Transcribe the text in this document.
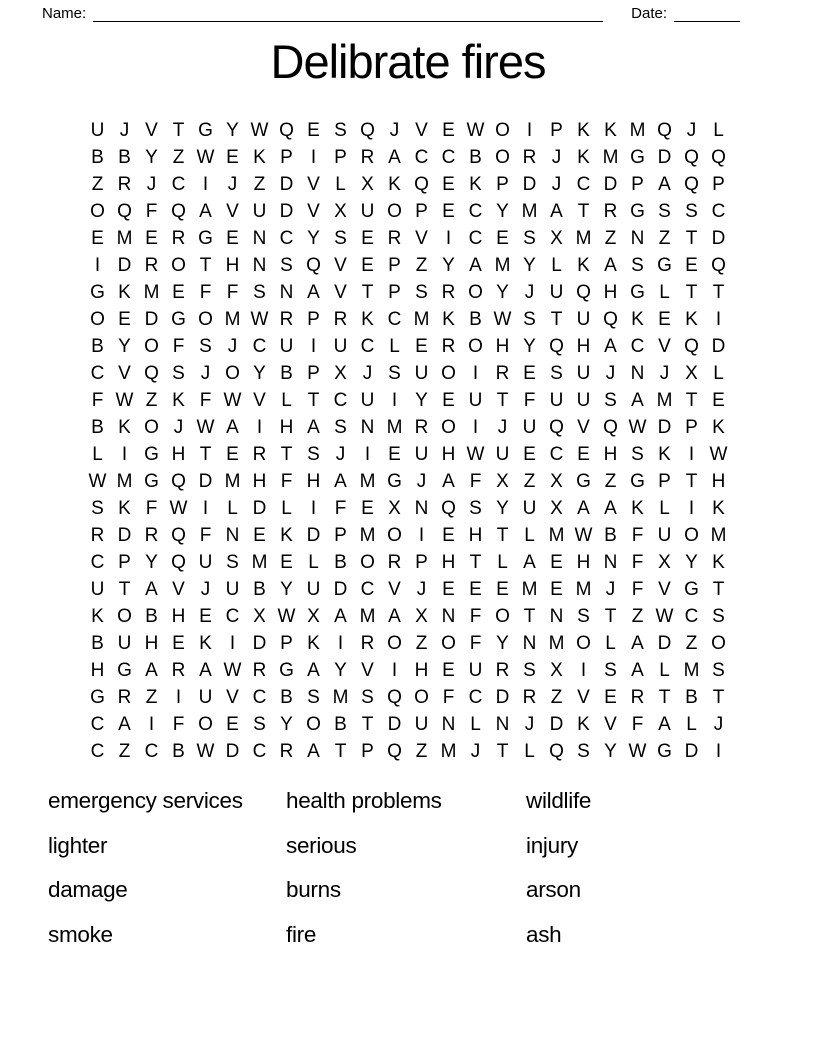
Name:	Date:
Delibrate fires
U J V T G Y W Q E S Q J V E W O I P K K M Q J L
B B Y Z W E K P I P R A C C B O R J K M G D Q Q
Z R J C I	J Z D V L X K Q E K P D J C D P A Q P
O Q F Q A V U D V X U O P E C Y M A T R G S S C
E M E R G E N C Y S E R V I C E S X M Z N Z T D
I D R O T H N S Q V E P Z Y A M Y L K A S G E Q
G K M E F F S N A V T P S R O Y J U Q H G L T T
O E D G O M W R P R K C M K B W S T U Q K E K I
B Y O F S J C U I U C L E R O H Y Q H A C V Q D
C V Q S J O Y B P X J S U O I R E S U J N J X L
F W Z K F W V L T C U I Y E U T F U U S A M T E
B K O J W A I H A S N M R O I	J U Q V Q W D P K
L	I G H T E R T S J	I E U H W U E C E H S K I W
W M G Q D M H F H A M G J A F X Z X G Z G P T H
S K F W I	L D L	I F E X N Q S Y U X A A K L	I K
R D R Q F N E K D P M O I E H T L M W B F U O M
C P Y Q U S M E L B O R P H T L A E H N F X Y K
U T A V J U B Y U D C V J E E E M E M J F V G T
K O B H E C X W X A M A X N F O T N S T Z W C S
B U H E K I D P K I R O Z O F Y N M O L A D Z O
H G A R A W R G A Y V I H E U R S X I S A L M S
G R Z I U V C B S M S Q O F C D R Z V E R T B T
C A I F O E S Y O B T D U N L N J D K V F A L J
C Z C B W D C R A T P Q Z M J T L Q S Y W G D I
emergency services
lighter
damage
smoke
health problems
serious
burns
fire
wildlife
injury
arson
ash
